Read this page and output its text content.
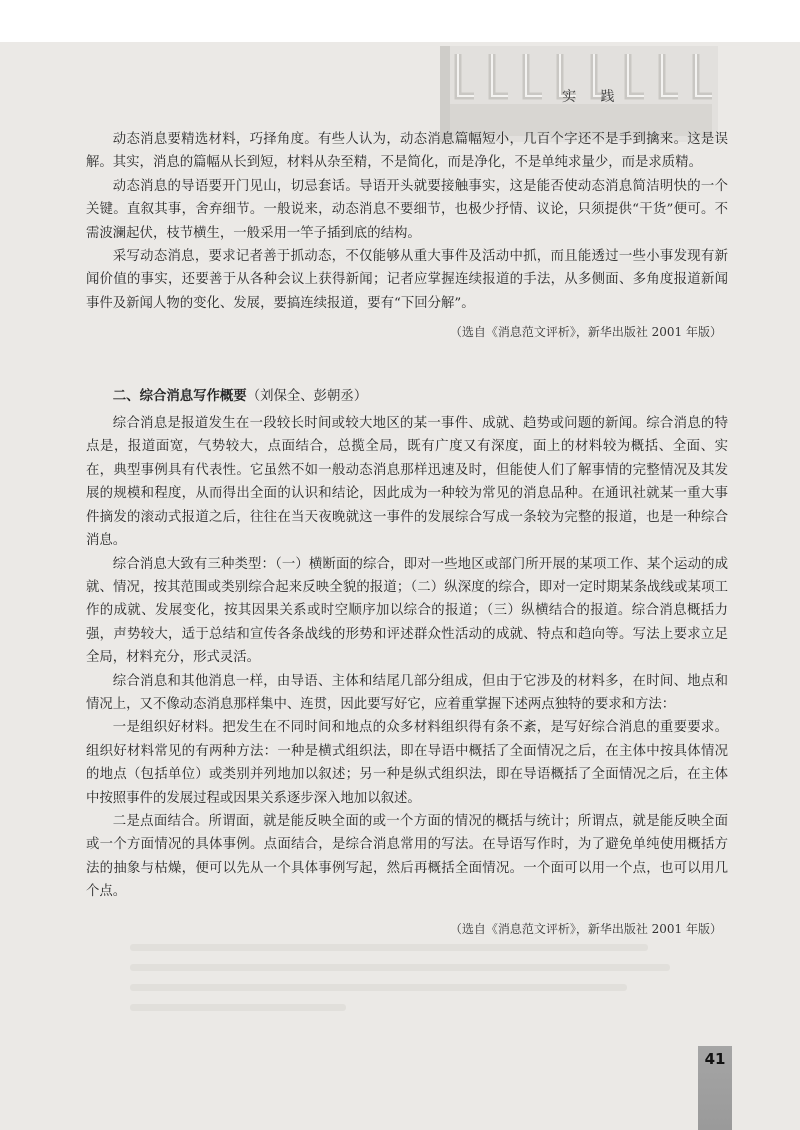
实 践

动态消息要精选材料，巧择角度。有些人认为，动态消息篇幅短小，几百个字还不是手到擒来。这是误解。其实，消息的篇幅从长到短，材料从杂至精，不是简化，而是净化，不是单纯求量少，而是求质精。

动态消息的导语要开门见山，切忌套话。导语开头就要接触事实，这是能否使动态消息简洁明快的一个关键。直叙其事，舍弃细节。一般说来，动态消息不要细节，也极少抒情、议论，只须提供“干货”便可。不需波澜起伏，枝节横生，一般采用一竿子插到底的结构。

采写动态消息，要求记者善于抓动态，不仅能够从重大事件及活动中抓，而且能透过一些小事发现有新闻价值的事实，还要善于从各种会议上获得新闻；记者应掌握连续报道的手法，从多侧面、多角度报道新闻事件及新闻人物的变化、发展，要搞连续报道，要有“下回分解”。

（选自《消息范文评析》，新华出版社 2001 年版）
二、综合消息写作概要（刘保全、彭朝丞）

综合消息是报道发生在一段较长时间或较大地区的某一事件、成就、趋势或问题的新闻。综合消息的特点是，报道面宽，气势较大，点面结合，总揽全局，既有广度又有深度，面上的材料较为概括、全面、实在，典型事例具有代表性。它虽然不如一般动态消息那样迅速及时，但能使人们了解事情的完整情况及其发展的规模和程度，从而得出全面的认识和结论，因此成为一种较为常见的消息品种。在通讯社就某一重大事件摘发的滚动式报道之后，往往在当天夜晚就这一事件的发展综合写成一条较为完整的报道，也是一种综合消息。

综合消息大致有三种类型：（一）横断面的综合，即对一些地区或部门所开展的某项工作、某个运动的成就、情况，按其范围或类别综合起来反映全貌的报道；（二）纵深度的综合，即对一定时期某条战线或某项工作的成就、发展变化，按其因果关系或时空顺序加以综合的报道；（三）纵横结合的报道。综合消息概括力强，声势较大，适于总结和宣传各条战线的形势和评述群众性活动的成就、特点和趋向等。写法上要求立足全局，材料充分，形式灵活。

综合消息和其他消息一样，由导语、主体和结尾几部分组成，但由于它涉及的材料多，在时间、地点和情况上，又不像动态消息那样集中、连贯，因此要写好它，应着重掌握下述两点独特的要求和方法：

一是组织好材料。把发生在不同时间和地点的众多材料组织得有条不紊，是写好综合消息的重要要求。组织好材料常见的有两种方法：一种是横式组织法，即在导语中概括了全面情况之后，在主体中按具体情况的地点（包括单位）或类别并列地加以叙述；另一种是纵式组织法，即在导语概括了全面情况之后，在主体中按照事件的发展过程或因果关系逐步深入地加以叙述。

二是点面结合。所谓面，就是能反映全面的或一个方面的情况的概括与统计；所谓点，就是能反映全面或一个方面情况的具体事例。点面结合，是综合消息常用的写法。在导语写作时，为了避免单纯使用概括方法的抽象与枯燥，便可以先从一个具体事例写起，然后再概括全面情况。一个面可以用一个点，也可以用几个点。

（选自《消息范文评析》，新华出版社 2001 年版）
41
